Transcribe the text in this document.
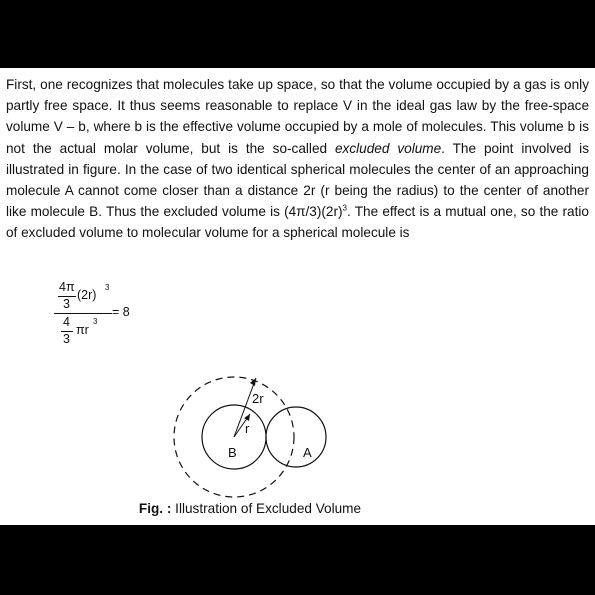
First, one recognizes that molecules take up space, so that the volume occupied by a gas is only partly free space. It thus seems reasonable to replace V in the ideal gas law by the free-space volume V – b, where b is the effective volume occupied by a mole of molecules. This volume b is not the actual molar volume, but is the so-called excluded volume. The point involved is illustrated in figure. In the case of two identical spherical molecules the center of an approaching molecule A cannot come closer than a distance 2r (r being the radius) to the center of another like molecule B. Thus the excluded volume is $(4\pi/3)(2r)^3$. The effect is a mutual one, so the ratio of excluded volume to molecular volume for a spherical molecule is

4π
3
(2r)
3
4
3
πr
3
= 8
2r
r
B	A
Fig. : Illustration of Excluded Volume
